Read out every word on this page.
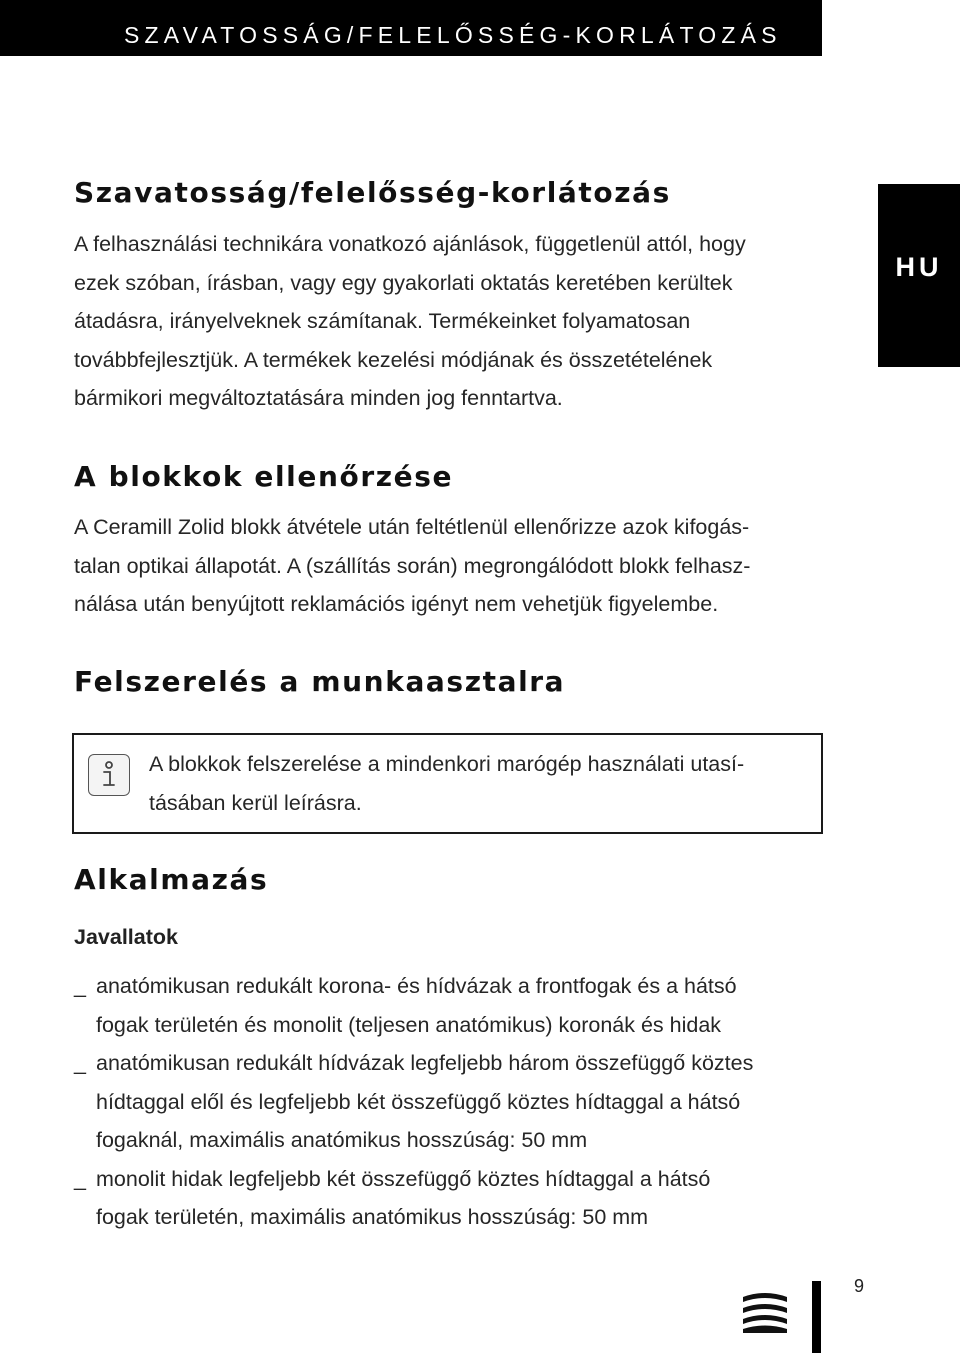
SZAVATOSSÁG/FELELŐSSÉG-KORLÁTOZÁS
HU
Szavatosság/felelősség-korlátozás
A felhasználási technikára vonatkozó ajánlások, függetlenül attól, hogy
ezek szóban, írásban, vagy egy gyakorlati oktatás keretében kerültek
átadásra, irányelveknek számítanak. Termékeinket folyamatosan
továbbfejlesztjük. A termékek kezelési módjának és összetételének
bármikori megváltoztatására minden jog fenntartva.
A blokkok ellenőrzése
A Ceramill Zolid blokk átvétele után feltétlenül ellenőrizze azok kifogás-
talan optikai állapotát. A (szállítás során) megrongálódott blokk felhasz-
nálása után benyújtott reklamációs igényt nem vehetjük figyelembe.
Felszerelés a munkaasztalra
A blokkok felszerelése a mindenkori marógép használati utasí-
tásában kerül leírásra.
Alkalmazás
Javallatok
_ anatómikusan redukált korona- és hídvázak a frontfogak és a hátsó
fogak területén és monolit (teljesen anatómikus) koronák és hidak
_ anatómikusan redukált hídvázak legfeljebb három összefüggő köztes
hídtaggal elől és legfeljebb két összefüggő köztes hídtaggal a hátsó
fogaknál, maximális anatómikus hosszúság: 50 mm
_ monolit hidak legfeljebb két összefüggő köztes hídtaggal a hátsó
fogak területén, maximális anatómikus hosszúság: 50 mm
9
